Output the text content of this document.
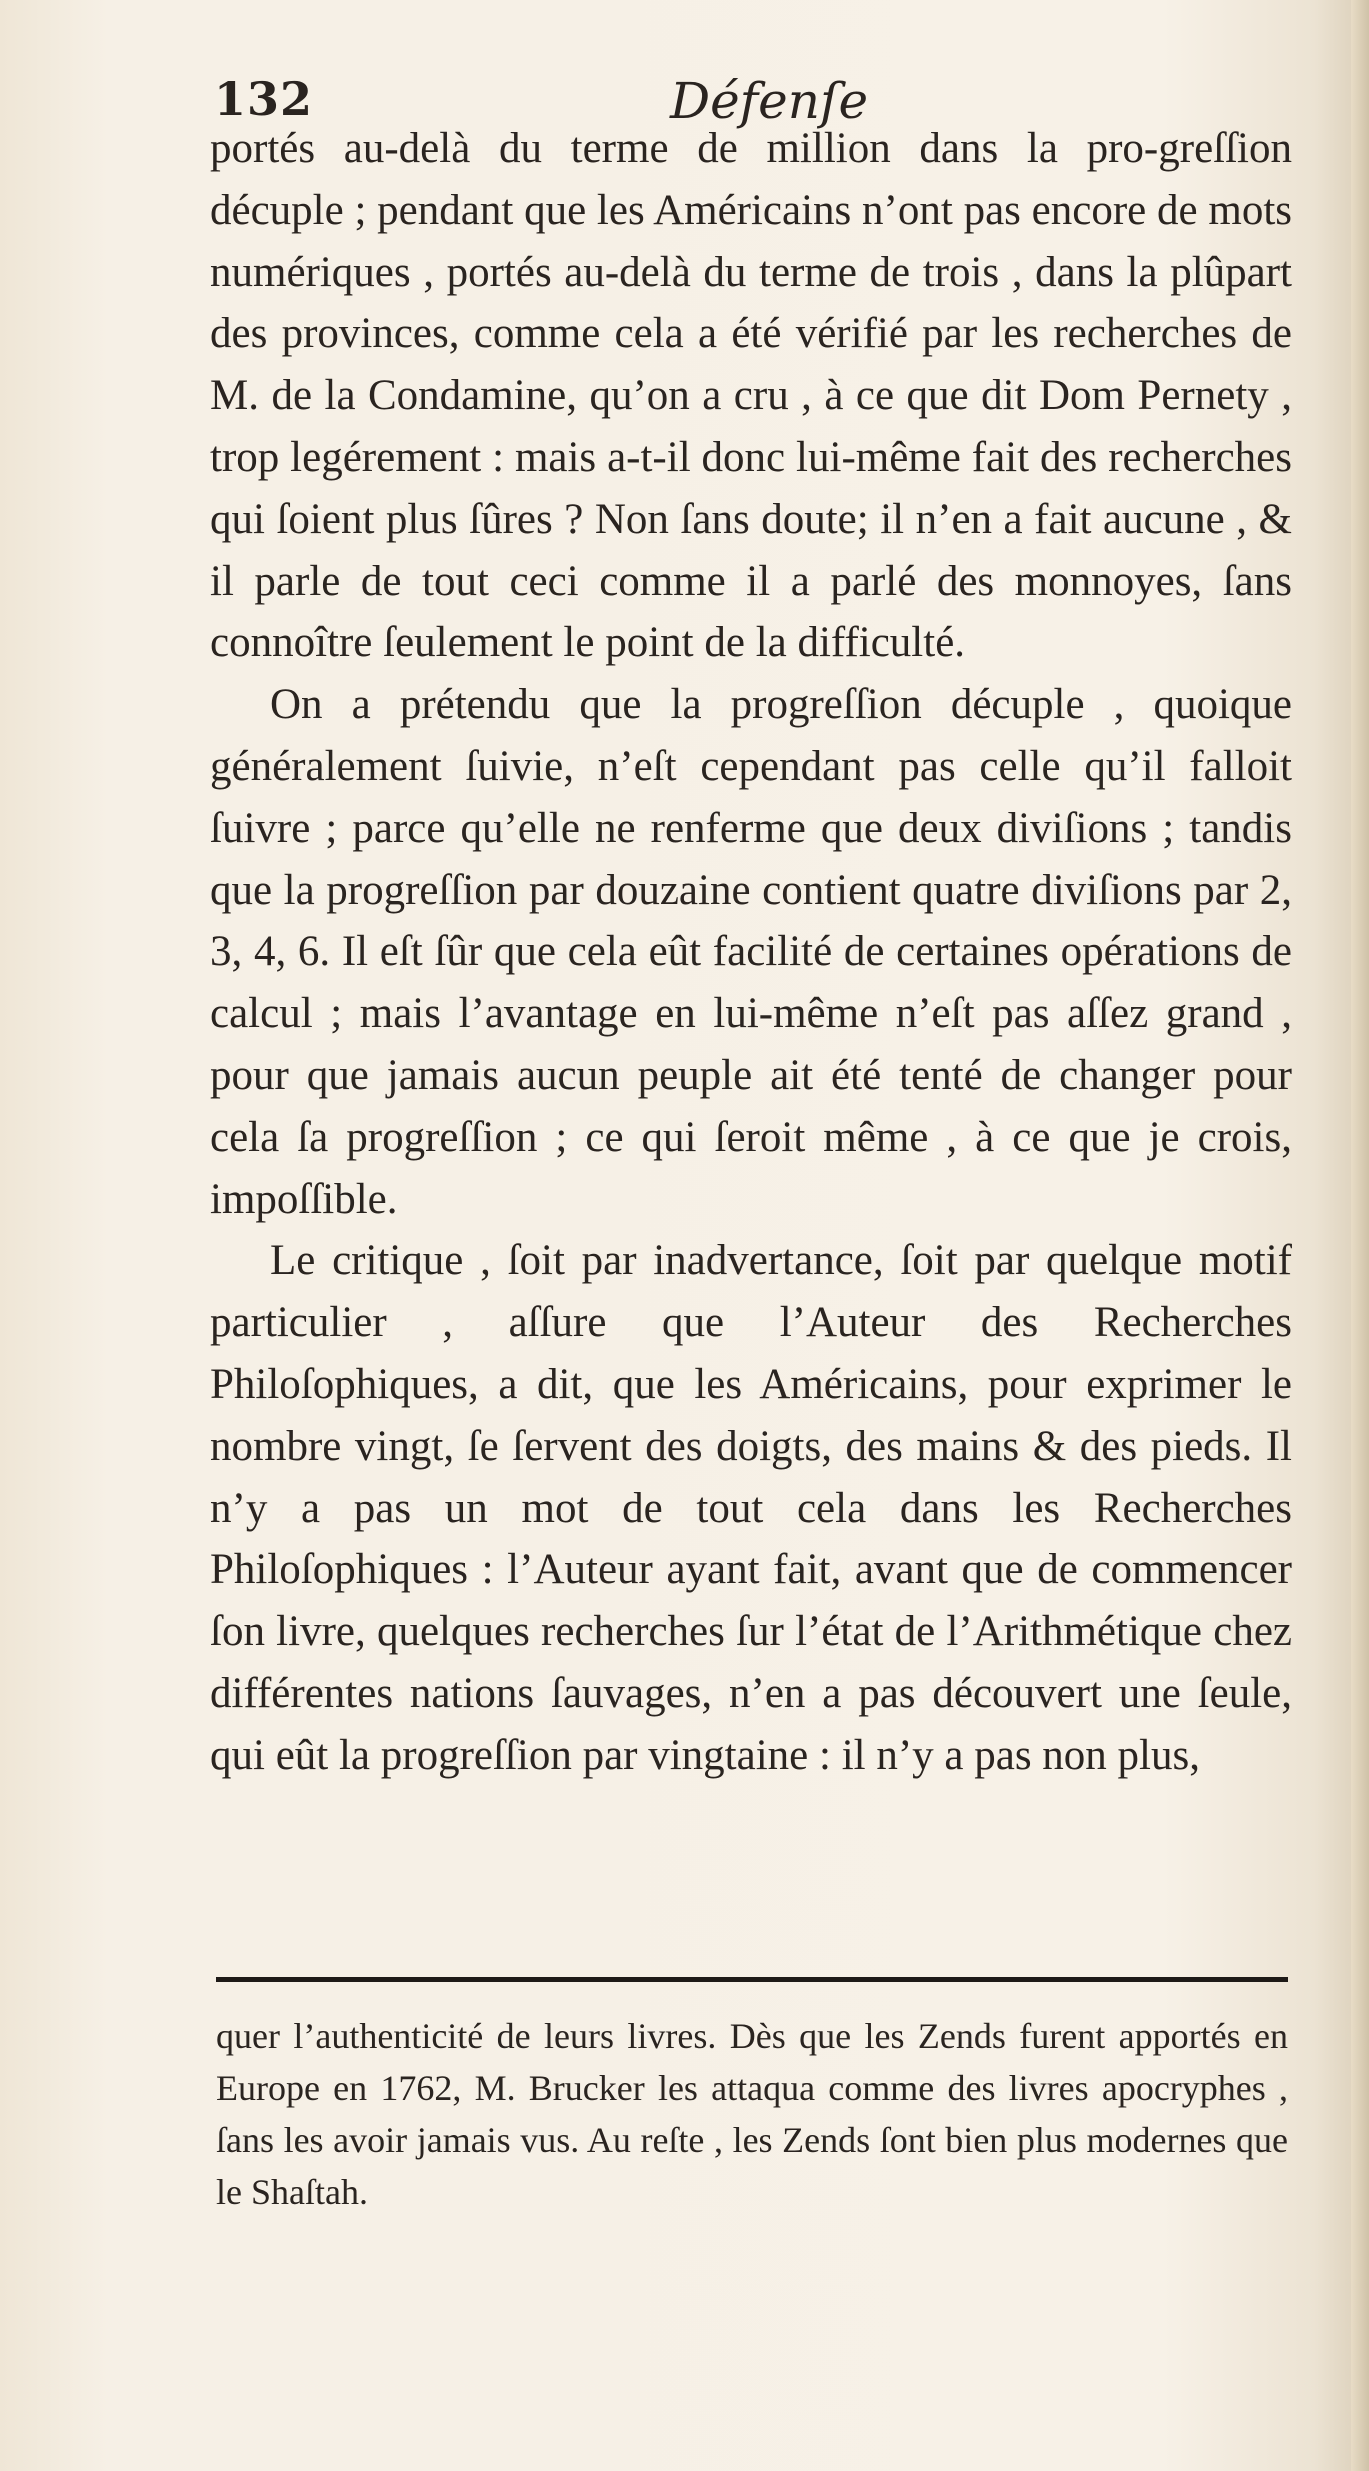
132	Défenſe

portés au-delà du terme de million dans la pro-greſſion décuple ; pendant que les Américains n’ont pas encore de mots numériques , portés au-delà du terme de trois , dans la plûpart des provinces, comme cela a été vérifié par les recherches de M. de la Condamine, qu’on a cru , à ce que dit Dom Pernety , trop legérement : mais a-t-il donc lui-même fait des recherches qui ſoient plus ſûres ? Non ſans doute; il n’en a fait aucune , & il parle de tout ceci comme il a parlé des monnoyes, ſans connoître ſeulement le point de la difficulté.

On a prétendu que la progreſſion décuple , quoique généralement ſuivie, n’eſt cependant pas celle qu’il falloit ſuivre ; parce qu’elle ne renferme que deux diviſions ; tandis que la progreſſion par douzaine contient quatre diviſions par 2, 3, 4, 6. Il eſt ſûr que cela eût facilité de certaines opérations de calcul ; mais l’avantage en lui-même n’eſt pas aſſez grand , pour que jamais aucun peuple ait été tenté de changer pour cela ſa progreſſion ; ce qui ſeroit même , à ce que je crois, impoſſible.

Le critique , ſoit par inadvertance, ſoit par quelque motif particulier , aſſure que l’Auteur des Recherches Philoſophiques, a dit, que les Américains, pour exprimer le nombre vingt, ſe ſervent des doigts, des mains & des pieds. Il n’y a pas un mot de tout cela dans les Recherches Philoſophiques : l’Auteur ayant fait, avant que de commencer ſon livre, quelques recherches ſur l’état de l’Arithmétique chez différentes nations ſauvages, n’en a pas découvert une ſeule, qui eût la progreſſion par vingtaine : il n’y a pas non plus,

quer l’authenticité de leurs livres. Dès que les Zends furent apportés en Europe en 1762, M. Brucker les attaqua comme des livres apocryphes , ſans les avoir jamais vus. Au reſte , les Zends ſont bien plus modernes que le Shaſtah.
